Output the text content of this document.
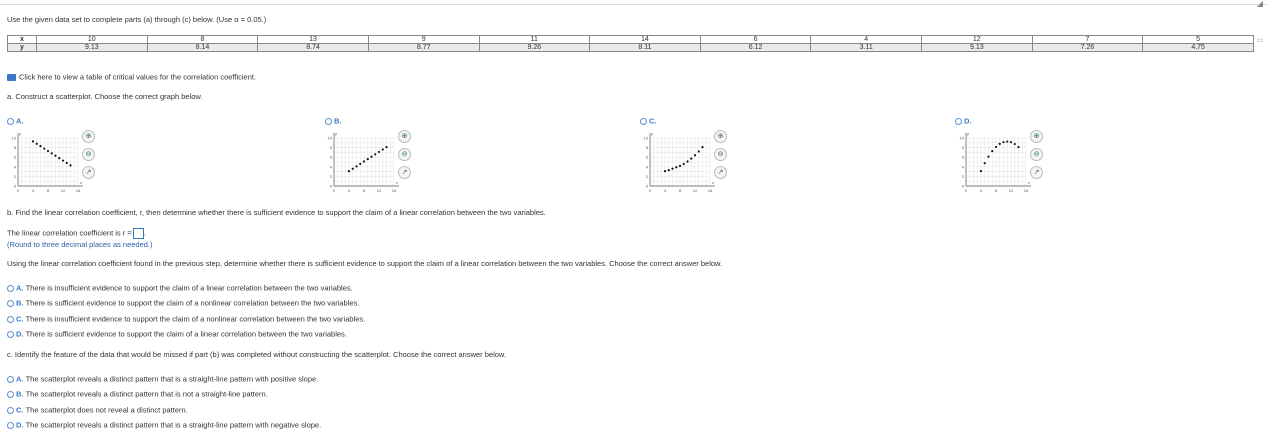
◢
Use the given data set to complete parts (a) through (c) below. (Use α = 0.05.)
x	10	8	13	9	11	14	6	4	12	7	5
y	9.13	8.14	8.74	8.77	9.26	8.11	6.12	3.11	9.13	7.26	4.75
▭
Click here to view a table of critical values for the correlation coefficient.
a. Construct a scatterplot. Choose the correct graph below.
A.	B.	C.	D.
y
x
10
8
6
4
2
0
0	4	8	12	16
y
x
10
8
6
4
2
0
0	4	8	12	16
y
x
10
8
6
4
2
0
0	4	8	12	16
y
x
10
8
6
4
2
0
0	4	8	12	16
⊕
⊖
↗
⊕
⊖
↗
⊕
⊖
↗
⊕
⊖
↗
b. Find the linear correlation coefficient, r, then determine whether there is sufficient evidence to support the claim of a linear correlation between the two variables.
The linear correlation coefficient is r = .
(Round to three decimal places as needed.)
Using the linear correlation coefficient found in the previous step, determine whether there is sufficient evidence to support the claim of a linear correlation between the two variables. Choose the correct answer below.
A. There is insufficient evidence to support the claim of a linear correlation between the two variables.
B. There is sufficient evidence to support the claim of a nonlinear correlation between the two variables.
C. There is insufficient evidence to support the claim of a nonlinear correlation between the two variables.
D. There is sufficient evidence to support the claim of a linear correlation between the two variables.
c. Identify the feature of the data that would be missed if part (b) was completed without constructing the scatterplot. Choose the correct answer below.
A. The scatterplot reveals a distinct pattern that is a straight-line pattern with positive slope.
B. The scatterplot reveals a distinct pattern that is not a straight-line pattern.
C. The scatterplot does not reveal a distinct pattern.
D. The scatterplot reveals a distinct pattern that is a straight-line pattern with negative slope.
